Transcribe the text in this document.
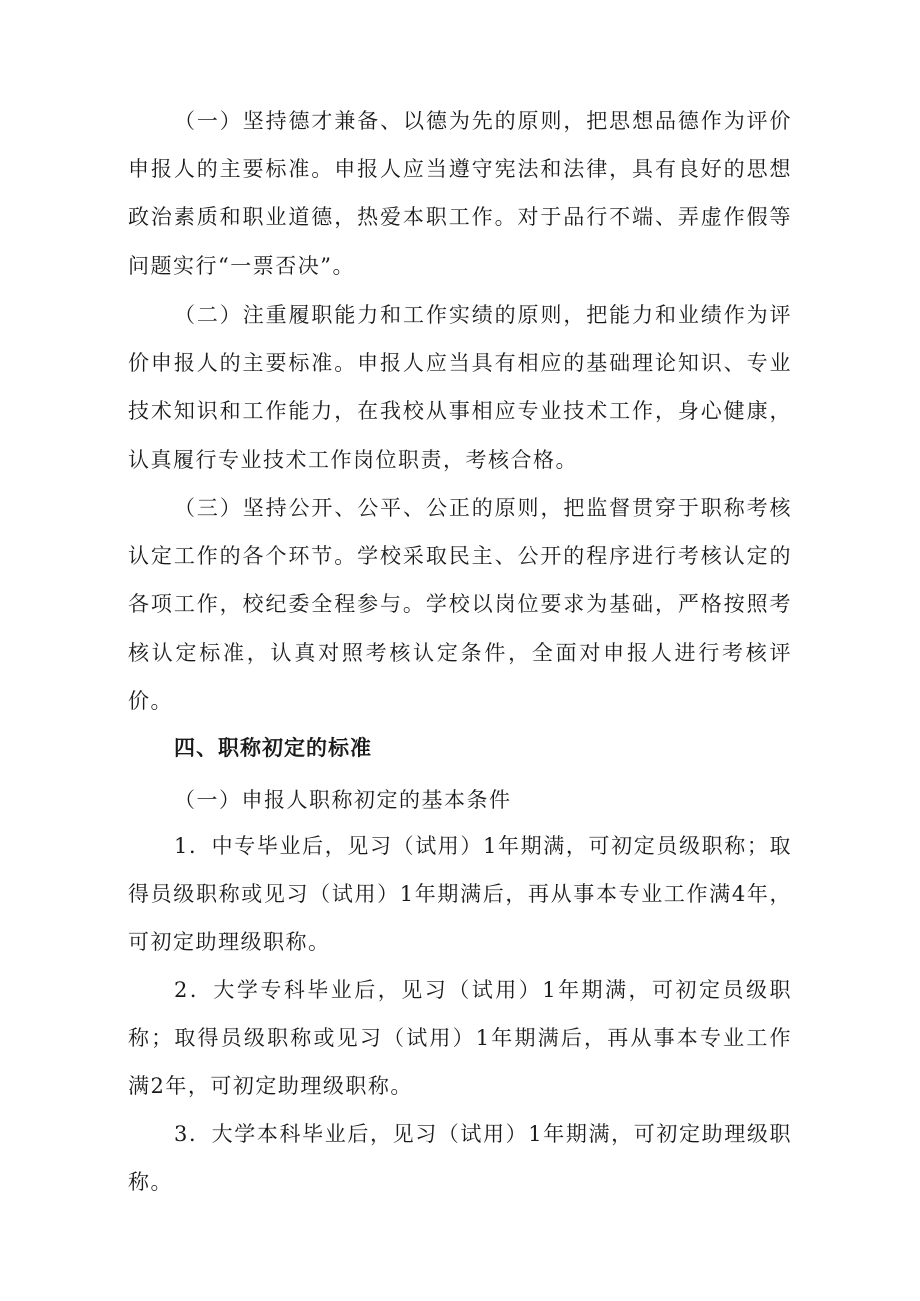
（一）坚持德才兼备、以德为先的原则，把思想品德作为评价申报人的主要标准。申报人应当遵守宪法和法律，具有良好的思想政治素质和职业道德，热爱本职工作。对于品行不端、弄虚作假等问题实行“一票否决”。

（二）注重履职能力和工作实绩的原则，把能力和业绩作为评价申报人的主要标准。申报人应当具有相应的基础理论知识、专业技术知识和工作能力，在我校从事相应专业技术工作，身心健康，认真履行专业技术工作岗位职责，考核合格。

（三）坚持公开、公平、公正的原则，把监督贯穿于职称考核认定工作的各个环节。学校采取民主、公开的程序进行考核认定的各项工作，校纪委全程参与。学校以岗位要求为基础，严格按照考核认定标准，认真对照考核认定条件，全面对申报人进行考核评价。

四、职称初定的标准

（一）申报人职称初定的基本条件

1．中专毕业后，见习（试用）1年期满，可初定员级职称；取得员级职称或见习（试用）1年期满后，再从事本专业工作满4年，可初定助理级职称。

2．大学专科毕业后，见习（试用）1年期满，可初定员级职称；取得员级职称或见习（试用）1年期满后，再从事本专业工作满2年，可初定助理级职称。

3．大学本科毕业后，见习（试用）1年期满，可初定助理级职称。
